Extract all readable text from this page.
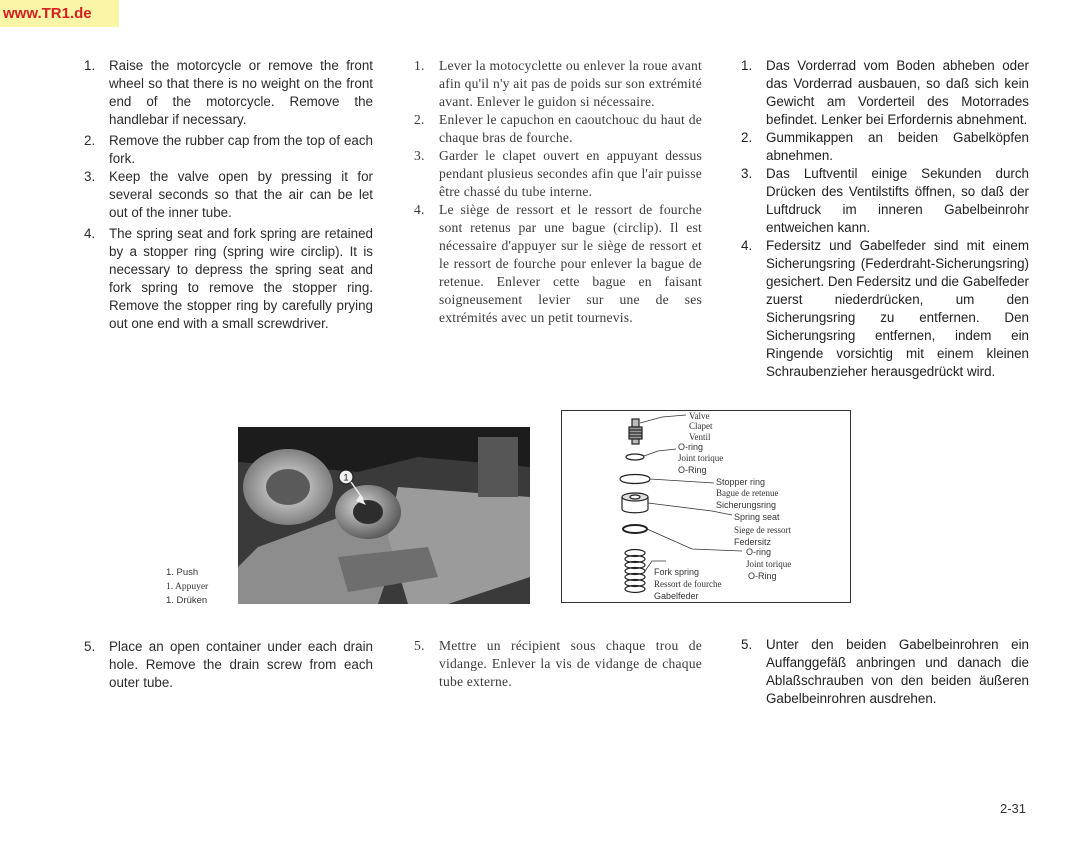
www.TR1.de
1. Raise the motorcycle or remove the front wheel so that there is no weight on the front end of the motorcycle. Remove the handlebar if necessary.
2. Remove the rubber cap from the top of each fork.
3. Keep the valve open by pressing it for several seconds so that the air can be let out of the inner tube.
4. The spring seat and fork spring are retained by a stopper ring (spring wire circlip). It is necessary to depress the spring seat and fork spring to remove the stopper ring. Remove the stopper ring by carefully prying out one end with a small screwdriver.
1. Lever la motocyclette ou enlever la roue avant afin qu'il n'y ait pas de poids sur son extrémité avant. Enlever le guidon si nécessaire.
2. Enlever le capuchon en caoutchouc du haut de chaque bras de fourche.
3. Garder le clapet ouvert en appuyant dessus pendant plusieus secondes afin que l'air puisse être chassé du tube interne.
4. Le siège de ressort et le ressort de fourche sont retenus par une bague (circlip). Il est nécessaire d'appuyer sur le siège de ressort et le ressort de fourche pour enlever la bague de retenue. Enlever cette bague en faisant soigneusement levier sur une de ses extrémités avec un petit tournevis.
1. Das Vorderrad vom Boden abheben oder das Vorderrad ausbauen, so daß sich kein Gewicht am Vorderteil des Motorrades befindet. Lenker bei Erfordernis abnehment.
2. Gummikappen an beiden Gabelköpfen abnehmen.
3. Das Luftventil einige Sekunden durch Drücken des Ventilstifts öffnen, so daß der Luftdruck im inneren Gabelbeinrohr entweichen kann.
4. Federsitz und Gabelfeder sind mit einem Sicherungsring (Federdraht-Sicherungsring) gesichert. Den Federsitz und die Gabelfeder zuerst niederdrücken, um den Sicherungsring zu entfernen. Den Sicherungsring entfernen, indem ein Ringende vorsichtig mit einem kleinen Schraubenzieher herausgedrückt wird.
1
1. Push
1. Appuyer
1. Drüken
Valve
Clapet
Ventil
O-ring
Joint torique
O-Ring
Stopper ring
Bague de retenue
Sicherungsring
Spring seat
Siege de ressort
Federsitz
O-ring
Joint torique
O-Ring
Fork spring
Ressort de fourche
Gabelfeder
5. Place an open container under each drain hole. Remove the drain screw from each outer tube.
5. Mettre un récipient sous chaque trou de vidange. Enlever la vis de vidange de chaque tube externe.
5. Unter den beiden Gabelbeinrohren ein Auffanggefäß anbringen und danach die Ablaßschrauben von den beiden äußeren Gabelbeinrohren ausdrehen.
2-31
